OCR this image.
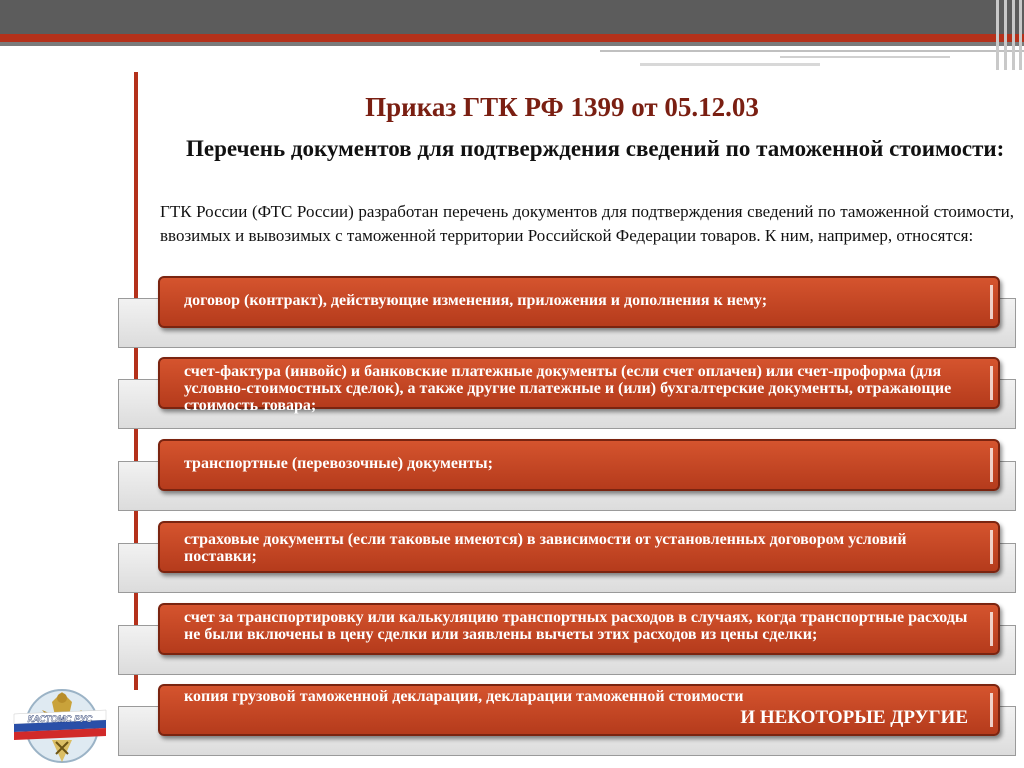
Приказ ГТК РФ 1399 от 05.12.03
Перечень документов для подтверждения сведений по таможенной стоимости:
ГТК России (ФТС России) разработан перечень документов для подтверждения сведений по таможенной стоимости, ввозимых и вывозимых с таможенной территории Российской Федерации товаров. К ним, например, относятся:
договор (контракт), действующие изменения, приложения и дополнения к нему;
счет-фактура (инвойс) и банковские платежные документы (если счет оплачен) или счет-проформа (для условно-стоимостных сделок), а также другие платежные и (или) бухгалтерские документы, отражающие стоимость товара;
транспортные (перевозочные) документы;
страховые документы (если таковые имеются) в зависимости от установленных договором условий поставки;
счет за транспортировку или калькуляцию транспортных расходов в случаях, когда транспортные расходы не были включены в цену сделки или заявлены вычеты этих расходов из цены сделки;
копия грузовой таможенной декларации, декларации таможенной стоимости
И НЕКОТОРЫЕ ДРУГИЕ
КАСТОМС РУС
